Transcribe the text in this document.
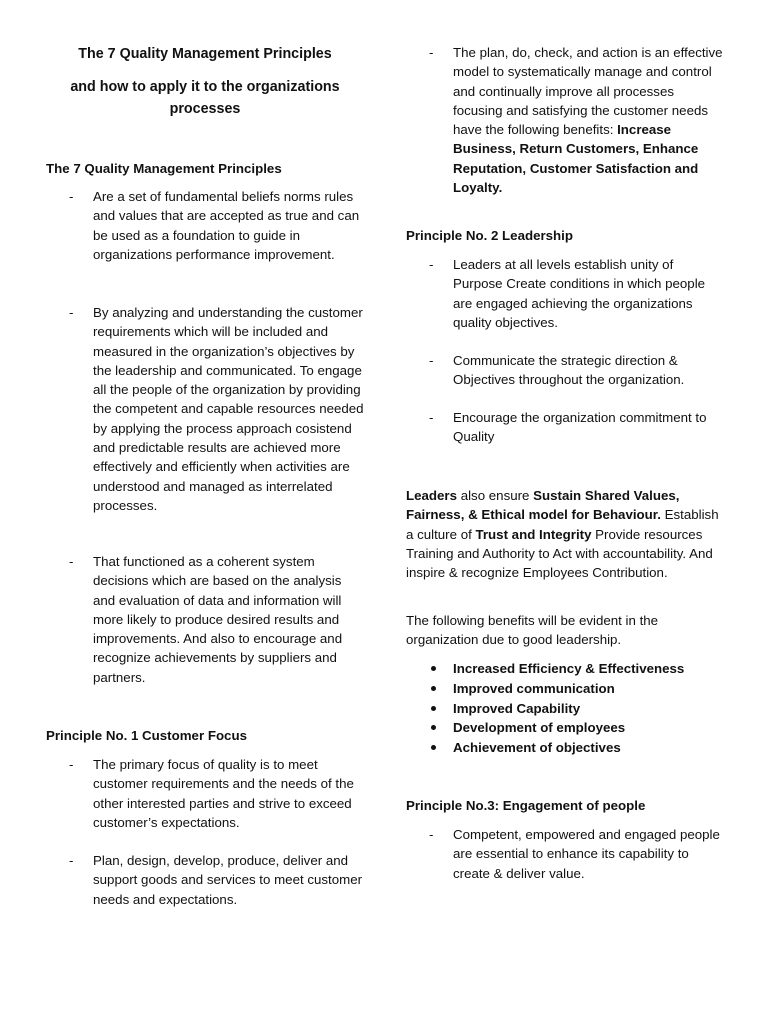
The 7 Quality Management Principles
and how to apply it to the organizations processes
The 7 Quality Management Principles
- Are a set of fundamental beliefs norms rules and values that are accepted as true and can be used as a foundation to guide in organizations performance improvement.
- By analyzing and understanding the customer requirements which will be included and measured in the organization’s objectives by the leadership and communicated. To engage all the people of the organization by providing the competent and capable resources needed by applying the process approach cosistend and predictable results are achieved more effectively and efficiently when activities are understood and managed as interrelated processes.
- That functioned as a coherent system decisions which are based on the analysis and evaluation of data and information will more likely to produce desired results and improvements. And also to encourage and recognize achievements by suppliers and partners.
Principle No. 1 Customer Focus
- The primary focus of quality is to meet customer requirements and the needs of the other interested parties and strive to exceed customer’s expectations.
- Plan, design, develop, produce, deliver and support goods and services to meet customer needs and expectations.
- The plan, do, check, and action is an effective model to systematically manage and control and continually improve all processes focusing and satisfying the customer needs have the following benefits: Increase Business, Return Customers, Enhance Reputation, Customer Satisfaction and Loyalty.
Principle No. 2 Leadership
- Leaders at all levels establish unity of Purpose Create conditions in which people are engaged achieving the organizations quality objectives.
- Communicate the strategic direction & Objectives throughout the organization.
- Encourage the organization commitment to Quality
Leaders also ensure Sustain Shared Values, Fairness, & Ethical model for Behaviour. Establish a culture of Trust and Integrity Provide resources Training and Authority to Act with accountability. And inspire & recognize Employees Contribution.
The following benefits will be evident in the organization due to good leadership.
Increased Efficiency & Effectiveness
Improved communication
Improved Capability
Development of employees
Achievement of objectives
Principle No.3: Engagement of people
- Competent, empowered and engaged people are essential to enhance its capability to create & deliver value.
